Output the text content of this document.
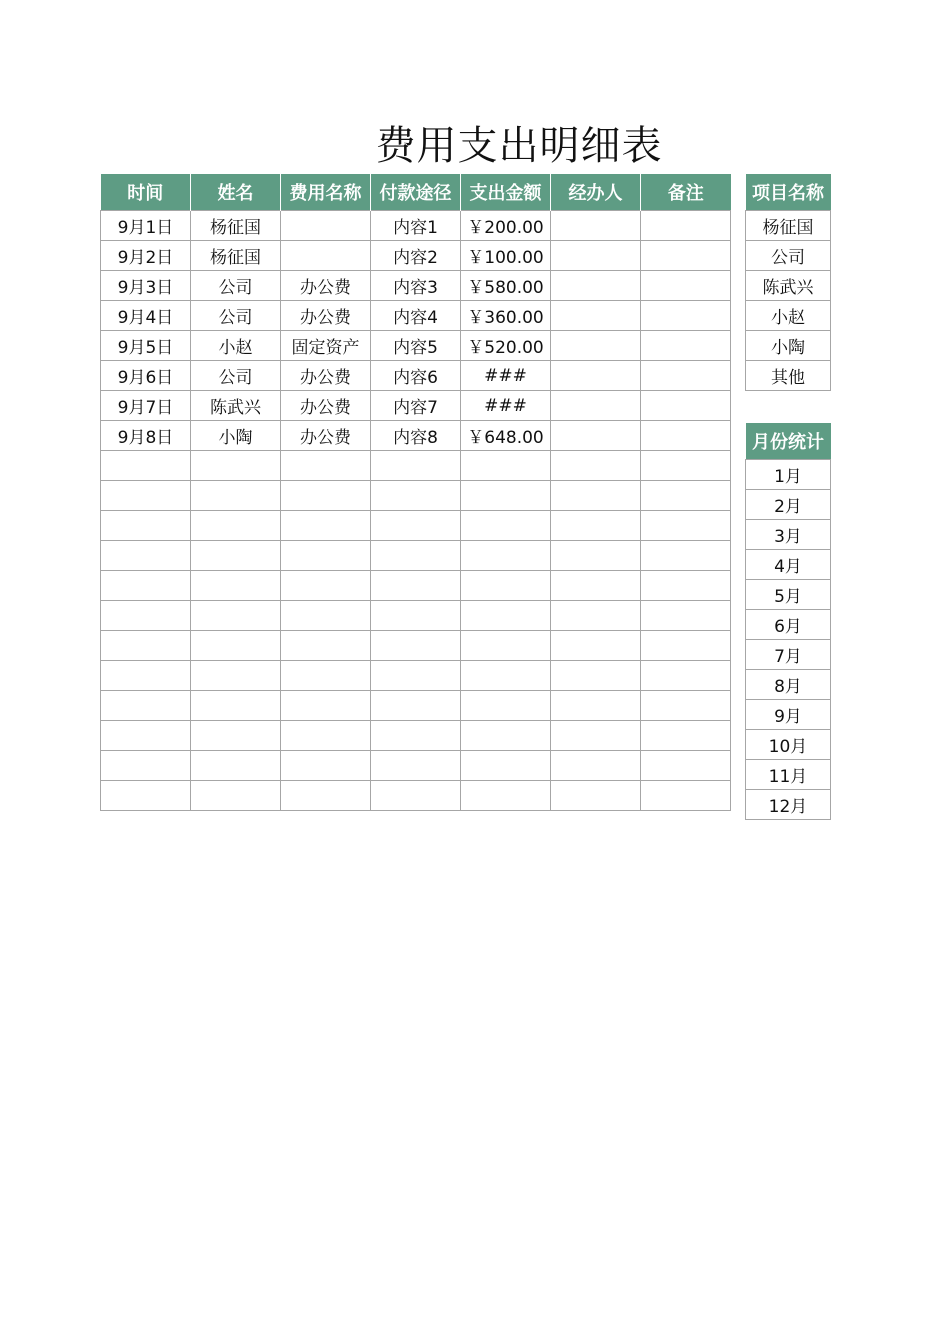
费用支出明细表
时间	姓名	费用名称	付款途径	支出金额	经办人	备注
9月1日	杨征国		内容1	￥200.00		
9月2日	杨征国		内容2	￥100.00		
9月3日	公司	办公费	内容3	￥580.00		
9月4日	公司	办公费	内容4	￥360.00		
9月5日	小赵	固定资产	内容5	￥520.00		
9月6日	公司	办公费	内容6	###		
9月7日	陈武兴	办公费	内容7	###		
9月8日	小陶	办公费	内容8	￥648.00		

项目名称
杨征国
公司
陈武兴
小赵
小陶
其他
月份统计
1月
2月
3月
4月
5月
6月
7月
8月
9月
10月
11月
12月
